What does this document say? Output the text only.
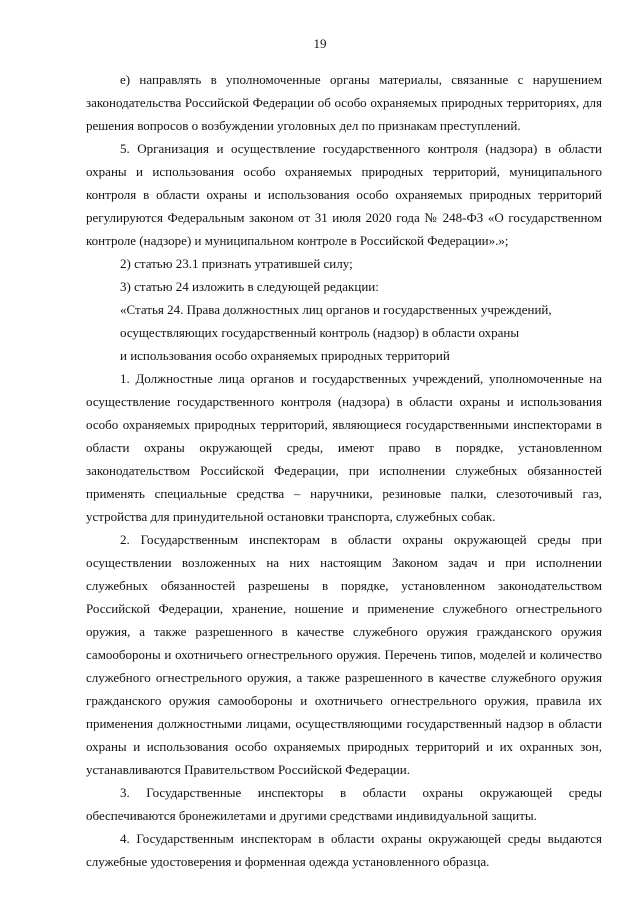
19

е) направлять в уполномоченные органы материалы, связанные с нарушением законодательства Российской Федерации об особо охраняемых природных территориях, для решения вопросов о возбуждении уголовных дел по признакам преступлений.

5. Организация и осуществление государственного контроля (надзора) в области охраны и использования особо охраняемых природных территорий, муниципального контроля в области охраны и использования особо охраняемых природных территорий регулируются Федеральным законом от 31 июля 2020 года № 248-ФЗ «О государственном контроле (надзоре) и муниципальном контроле в Российской Федерации».»;

2) статью 23.1 признать утратившей силу;

3) статью 24 изложить в следующей редакции:

«Статья 24. Права должностных лиц органов и государственных учреждений,

осуществляющих государственный контроль (надзор) в области охраны

и использования особо охраняемых природных территорий

1. Должностные лица органов и государственных учреждений, уполномоченные на осуществление государственного контроля (надзора) в области охраны и использования особо охраняемых природных территорий, являющиеся государственными инспекторами в области охраны окружающей среды, имеют право в порядке, установленном законодательством Российской Федерации, при исполнении служебных обязанностей применять специальные средства – наручники, резиновые палки, слезоточивый газ, устройства для принудительной остановки транспорта, служебных собак.

2. Государственным инспекторам в области охраны окружающей среды при осуществлении возложенных на них настоящим Законом задач и при исполнении служебных обязанностей разрешены в порядке, установленном законодательством Российской Федерации, хранение, ношение и применение служебного огнестрельного оружия, а также разрешенного в качестве служебного оружия гражданского оружия самообороны и охотничьего огнестрельного оружия. Перечень типов, моделей и количество служебного огнестрельного оружия, а также разрешенного в качестве служебного оружия гражданского оружия самообороны и охотничьего огнестрельного оружия, правила их применения должностными лицами, осуществляющими государственный надзор в области охраны и использования особо охраняемых природных территорий и их охранных зон, устанавливаются Правительством Российской Федерации.

3. Государственные инспекторы в области охраны окружающей среды обеспечиваются бронежилетами и другими средствами индивидуальной защиты.

4. Государственным инспекторам в области охраны окружающей среды выдаются служебные удостоверения и форменная одежда установленного образца.
